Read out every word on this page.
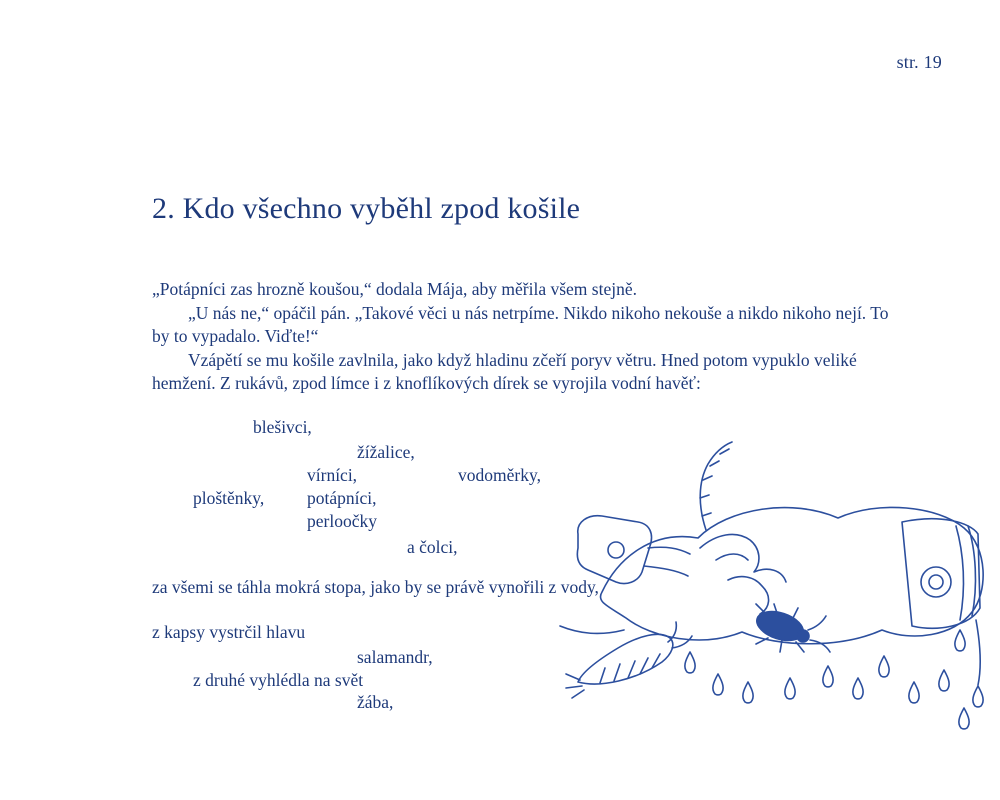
str. 19
2. Kdo všechno vyběhl zpod košile

„Potápníci zas hrozně koušou,“ dodala Mája, aby měřila všem stejně.

„U nás ne,“ opáčil pán. „Takové věci u nás netrpíme. Nikdo nikoho nekouše a nikdo nikoho nejí. To by to vypadalo. Viďte!“

Vzápětí se mu košile zavlnila, jako když hladinu zčeří poryv větru. Hned potom vypuklo veliké hemžení. Z rukávů, zpod límce i z knoflíkových dírek se vyrojila vodní havěť:

blešivci,
žížalice,
vírníci,	vodoměrky,
ploštěnky, potápníci,
perloočky
a čolci,
za všemi se táhla mokrá stopa, jako by se právě vynořili z vody,
z kapsy vystrčil hlavu
salamandr,
z druhé vyhlédla na svět
žába,
